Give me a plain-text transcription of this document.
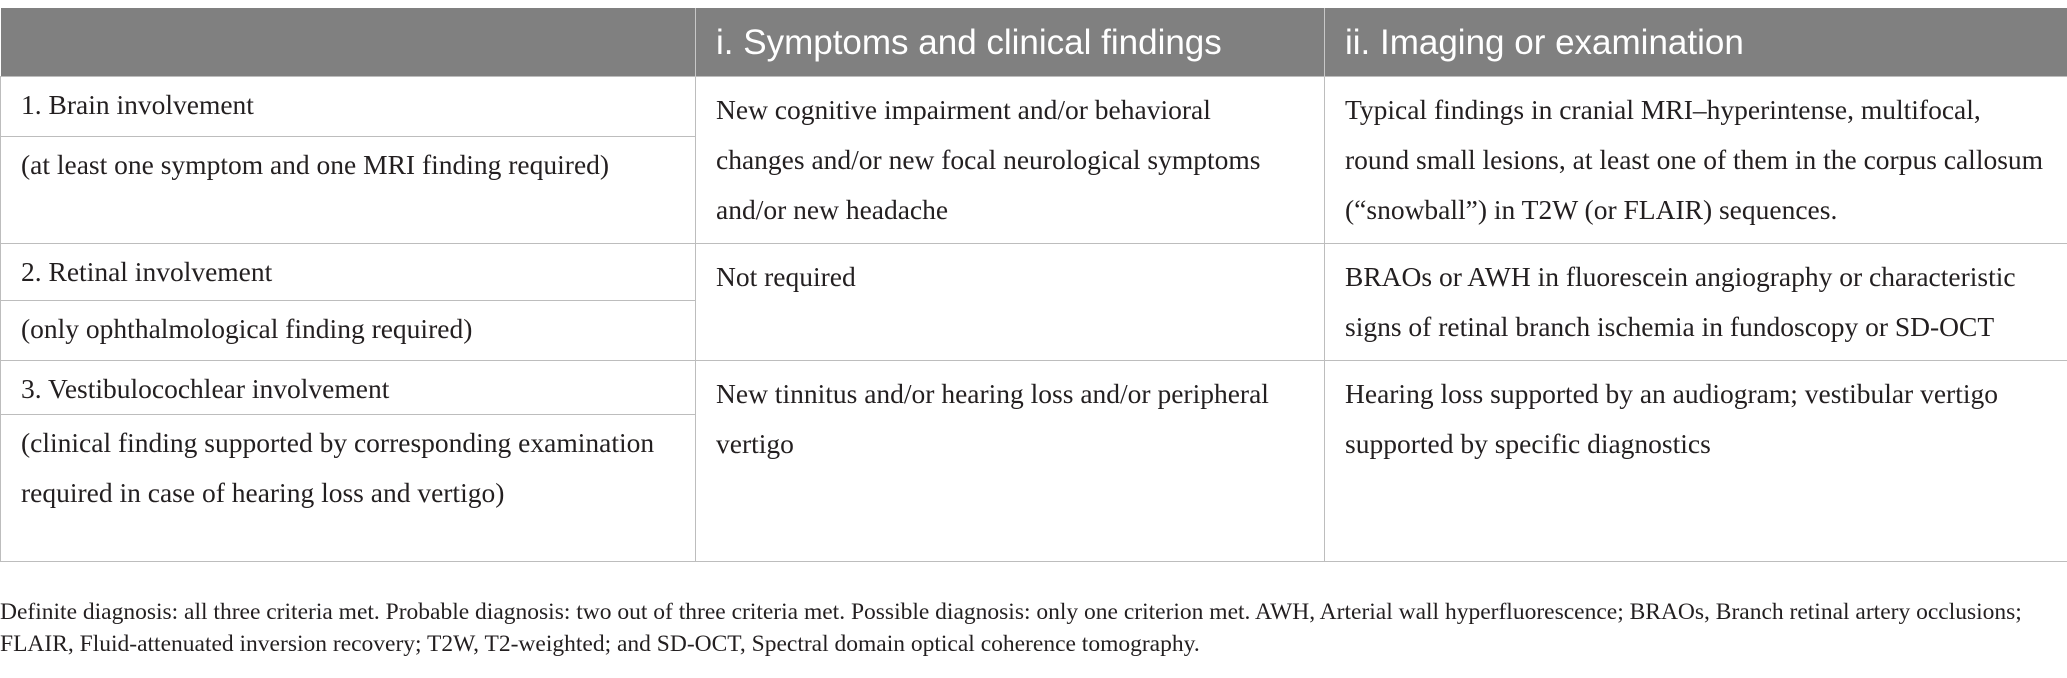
	i. Symptoms and clinical findings	ii. Imaging or examination
1. Brain involvement	New cognitive impairment and/or behavioral changes and/or new focal neurological symptoms and/or new headache	Typical findings in cranial MRI–hyperintense, multifocal, round small lesions, at least one of them in the corpus callosum (“snowball”) in T2W (or FLAIR) sequences.
(at least one symptom and one MRI finding required)		
2. Retinal involvement	Not required	BRAOs or AWH in fluorescein angiography or characteristic signs of retinal branch ischemia in fundoscopy or SD-OCT
(only ophthalmological finding required)		
3. Vestibulocochlear involvement	New tinnitus and/or hearing loss and/or peripheral vertigo	Hearing loss supported by an audiogram; vestibular vertigo supported by specific diagnostics
(clinical finding supported by corresponding examination required in case of hearing loss and vertigo)		
Definite diagnosis: all three criteria met. Probable diagnosis: two out of three criteria met. Possible diagnosis: only one criterion met. AWH, Arterial wall hyperfluorescence; BRAOs, Branch retinal artery occlusions; FLAIR, Fluid-attenuated inversion recovery; T2W, T2-weighted; and SD-OCT, Spectral domain optical coherence tomography.
